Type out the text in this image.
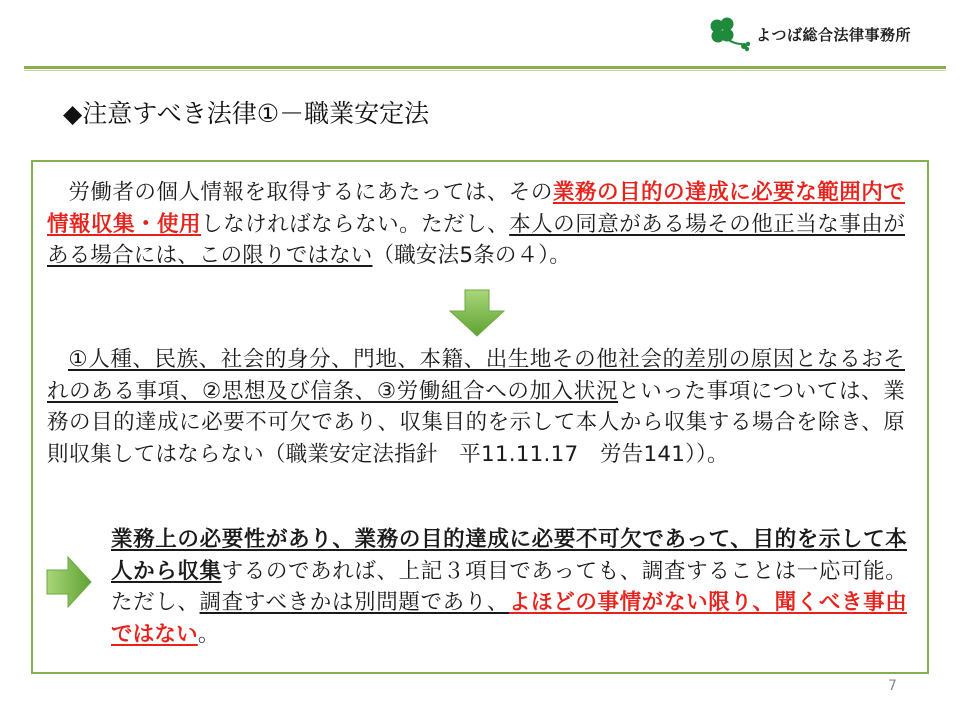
よつば総合法律事務所
◆注意すべき法律①－職業安定法
労働者の個人情報を取得するにあたっては、その業務の目的の達成に必要な範囲内で情報収集・使用しなければならない。ただし、本人の同意がある場その他正当な事由がある場合には、この限りではない（職安法5条の４）。
①人種、民族、社会的身分、門地、本籍、出生地その他社会的差別の原因となるおそれのある事項、②思想及び信条、③労働組合への加入状況といった事項については、業務の目的達成に必要不可欠であり、収集目的を示して本人から収集する場合を除き、原則収集してはならない（職業安定法指針　平11.11.17　労告141））。
業務上の必要性があり、業務の目的達成に必要不可欠であって、目的を示して本人から収集するのであれば、上記３項目であっても、調査することは一応可能。ただし、調査すべきかは別問題であり、よほどの事情がない限り、聞くべき事由ではない。
7
